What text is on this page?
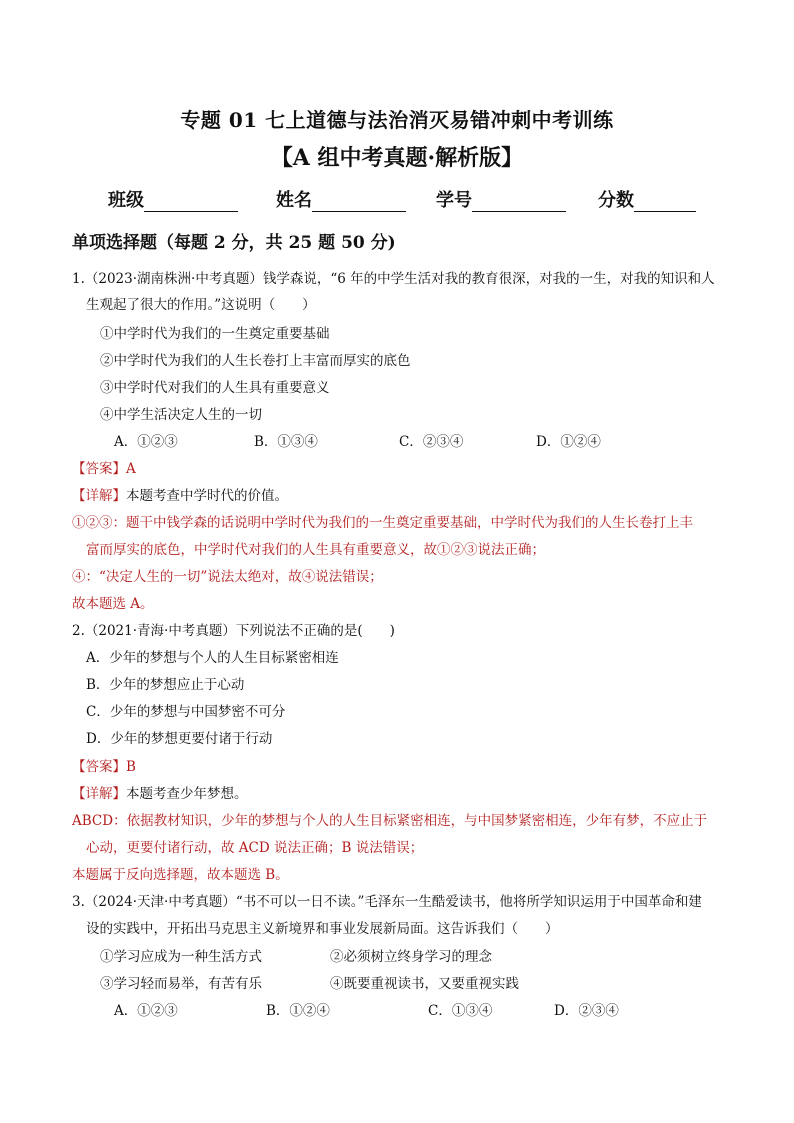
专题 01 七上道德与法治消灭易错冲刺中考训练
【A 组中考真题·解析版】
班级	姓名	学号	分数
单项选择题（每题 2 分，共 25 题 50 分)
1.（2023·湖南株洲·中考真题）钱学森说，“6 年的中学生活对我的教育很深，对我的一生，对我的知识和人
生观起了很大的作用。”这说明（　　）
①中学时代为我们的一生奠定重要基础
②中学时代为我们的人生长卷打上丰富而厚实的底色
③中学时代对我们的人生具有重要意义
④中学生活决定人生的一切
A．①②③	B．①③④	C．②③④	D．①②④
【答案】A
【详解】本题考查中学时代的价值。
①②③：题干中钱学森的话说明中学时代为我们的一生奠定重要基础，中学时代为我们的人生长卷打上丰
富而厚实的底色，中学时代对我们的人生具有重要意义，故①②③说法正确；
④：“决定人生的一切”说法太绝对，故④说法错误；
故本题选 A。
2.（2021·青海·中考真题）下列说法不正确的是(　　)
A．少年的梦想与个人的人生目标紧密相连
B．少年的梦想应止于心动
C．少年的梦想与中国梦密不可分
D．少年的梦想更要付诸于行动
【答案】B
【详解】本题考查少年梦想。
ABCD：依据教材知识，少年的梦想与个人的人生目标紧密相连，与中国梦紧密相连，少年有梦，不应止于
心动，更要付诸行动，故 ACD 说法正确；B 说法错误；
本题属于反向选择题，故本题选 B。
3.（2024·天津·中考真题）“书不可以一日不读。”毛泽东一生酷爱读书，他将所学知识运用于中国革命和建
设的实践中，开拓出马克思主义新境界和事业发展新局面。这告诉我们（　　）
①学习应成为一种生活方式	②必须树立终身学习的理念
③学习轻而易举，有苦有乐	④既要重视读书，又要重视实践
A．①②③	B．①②④	C．①③④	D．②③④
